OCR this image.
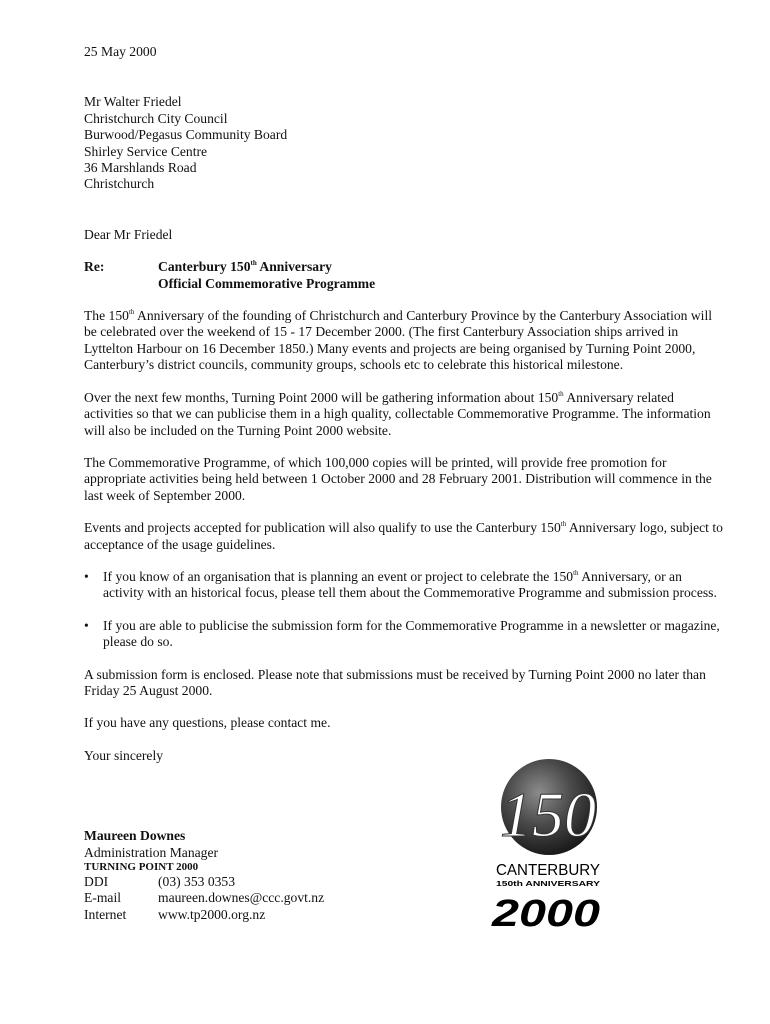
25 May 2000

Mr Walter Friedel

Christchurch City Council

Burwood/Pegasus Community Board

Shirley Service Centre

36 Marshlands Road

Christchurch

Dear Mr Friedel

Re:	Canterbury 150th Anniversary

Official Commemorative Programme

The 150th Anniversary of the founding of Christchurch and Canterbury Province by the Canterbury Association will be celebrated over the weekend of 15 - 17 December 2000. (The first Canterbury Association ships arrived in Lyttelton Harbour on 16 December 1850.) Many events and projects are being organised by Turning Point 2000, Canterbury’s district councils, community groups, schools etc to celebrate this historical milestone.

Over the next few months, Turning Point 2000 will be gathering information about 150th Anniversary related activities so that we can publicise them in a high quality, collectable Commemorative Programme. The information will also be included on the Turning Point 2000 website.

The Commemorative Programme, of which 100,000 copies will be printed, will provide free promotion for appropriate activities being held between 1 October 2000 and 28 February 2001. Distribution will commence in the last week of September 2000.

Events and projects accepted for publication will also qualify to use the Canterbury 150th Anniversary logo, subject to acceptance of the usage guidelines.

•	If you know of an organisation that is planning an event or project to celebrate the 150th Anniversary, or an activity with an historical focus, please tell them about the Commemorative Programme and submission process.

•	If you are able to publicise the submission form for the Commemorative Programme in a newsletter or magazine, please do so.

A submission form is enclosed. Please note that submissions must be received by Turning Point 2000 no later than Friday 25 August 2000.

If you have any questions, please contact me.

Your sincerely

Maureen Downes

Administration Manager

TURNING POINT 2000

DDI	(03) 353 0353
E-mail	maureen.downes@ccc.govt.nz
Internet	www.tp2000.org.nz
150
CANTERBURY
150th ANNIVERSARY
2000
